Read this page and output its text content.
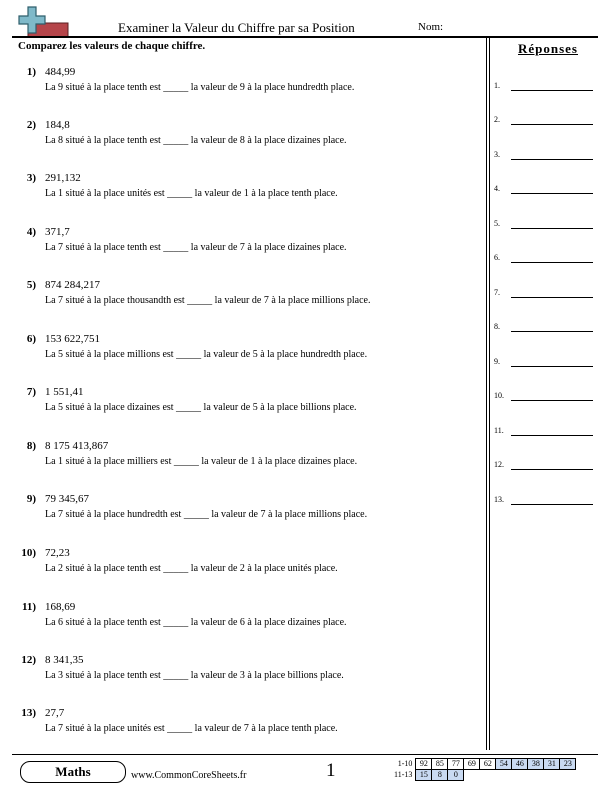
Examiner la Valeur du Chiffre par sa Position	Nom:
Comparez les valeurs de chaque chiffre.
1) 484,99
La 9 situé à la place tenth est _____ la valeur de 9 à la place hundredth place.
2) 184,8
La 8 situé à la place tenth est _____ la valeur de 8 à la place dizaines place.
3) 291,132
La 1 situé à la place unités est _____ la valeur de 1 à la place tenth place.
4) 371,7
La 7 situé à la place tenth est _____ la valeur de 7 à la place dizaines place.
5) 874 284,217
La 7 situé à la place thousandth est _____ la valeur de 7 à la place millions place.
6) 153 622,751
La 5 situé à la place millions est _____ la valeur de 5 à la place hundredth place.
7) 1 551,41
La 5 situé à la place dizaines est _____ la valeur de 5 à la place billions place.
8) 8 175 413,867
La 1 situé à la place milliers est _____ la valeur de 1 à la place dizaines place.
9) 79 345,67
La 7 situé à la place hundredth est _____ la valeur de 7 à la place millions place.
10) 72,23
La 2 situé à la place tenth est _____ la valeur de 2 à la place unités place.
11) 168,69
La 6 situé à la place tenth est _____ la valeur de 6 à la place dizaines place.
12) 8 341,35
La 3 situé à la place tenth est _____ la valeur de 3 à la place billions place.
13) 27,7
La 7 situé à la place unités est _____ la valeur de 7 à la place tenth place.
Réponses
1.
2.
3.
4.
5.
6.
7.
8.
9.
10.
11.
12.
13.
Maths	www.CommonCoreSheets.fr	1	1-10	92	85	77	69	62	54	46	38	31	23
11-13	15	8	0							
